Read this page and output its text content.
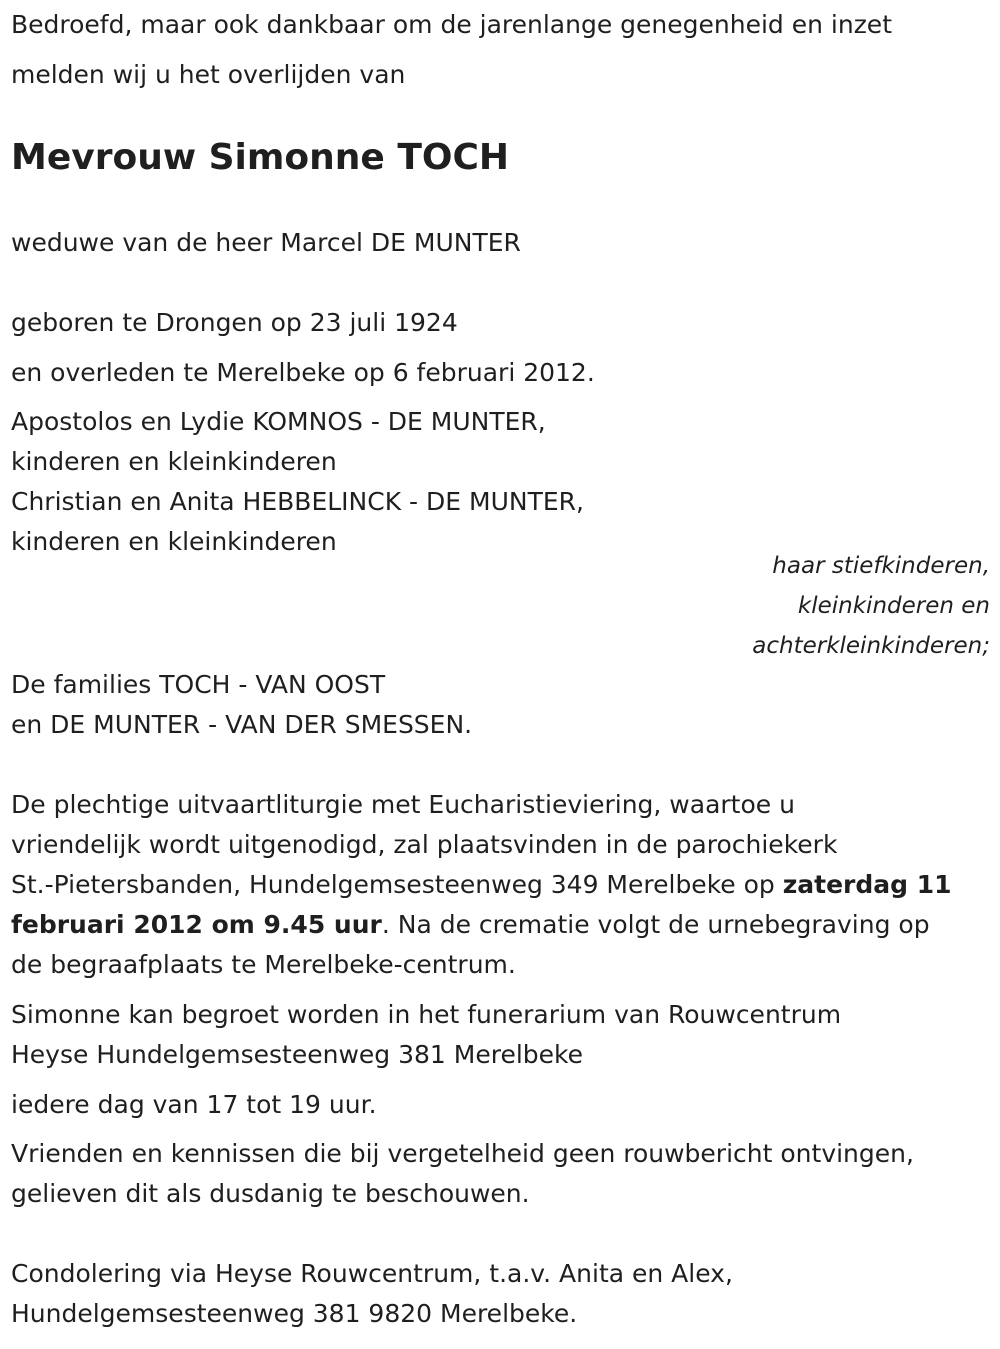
Bedroefd, maar ook dankbaar om de jarenlange genegenheid en inzet

melden wij u het overlijden van

Mevrouw Simonne TOCH

weduwe van de heer Marcel DE MUNTER

geboren te Drongen op 23 juli 1924

en overleden te Merelbeke op 6 februari 2012.

Apostolos en Lydie KOMNOS - DE MUNTER,

kinderen en kleinkinderen

Christian en Anita HEBBELINCK - DE MUNTER,

kinderen en kleinkinderen

haar stiefkinderen,
kleinkinderen en
achterkleinkinderen;

De families TOCH - VAN OOST

en DE MUNTER - VAN DER SMESSEN.

De plechtige uitvaartliturgie met Eucharistieviering, waartoe u

vriendelijk wordt uitgenodigd, zal plaatsvinden in de parochiekerk

St.-Pietersbanden, Hundelgemsesteenweg 349 Merelbeke op zaterdag 11

februari 2012 om 9.45 uur. Na de crematie volgt de urnebegraving op

de begraafplaats te Merelbeke-centrum.

Simonne kan begroet worden in het funerarium van Rouwcentrum

Heyse Hundelgemsesteenweg 381 Merelbeke

iedere dag van 17 tot 19 uur.

Vrienden en kennissen die bij vergetelheid geen rouwbericht ontvingen,

gelieven dit als dusdanig te beschouwen.

Condolering via Heyse Rouwcentrum, t.a.v. Anita en Alex,

Hundelgemsesteenweg 381 9820 Merelbeke.
